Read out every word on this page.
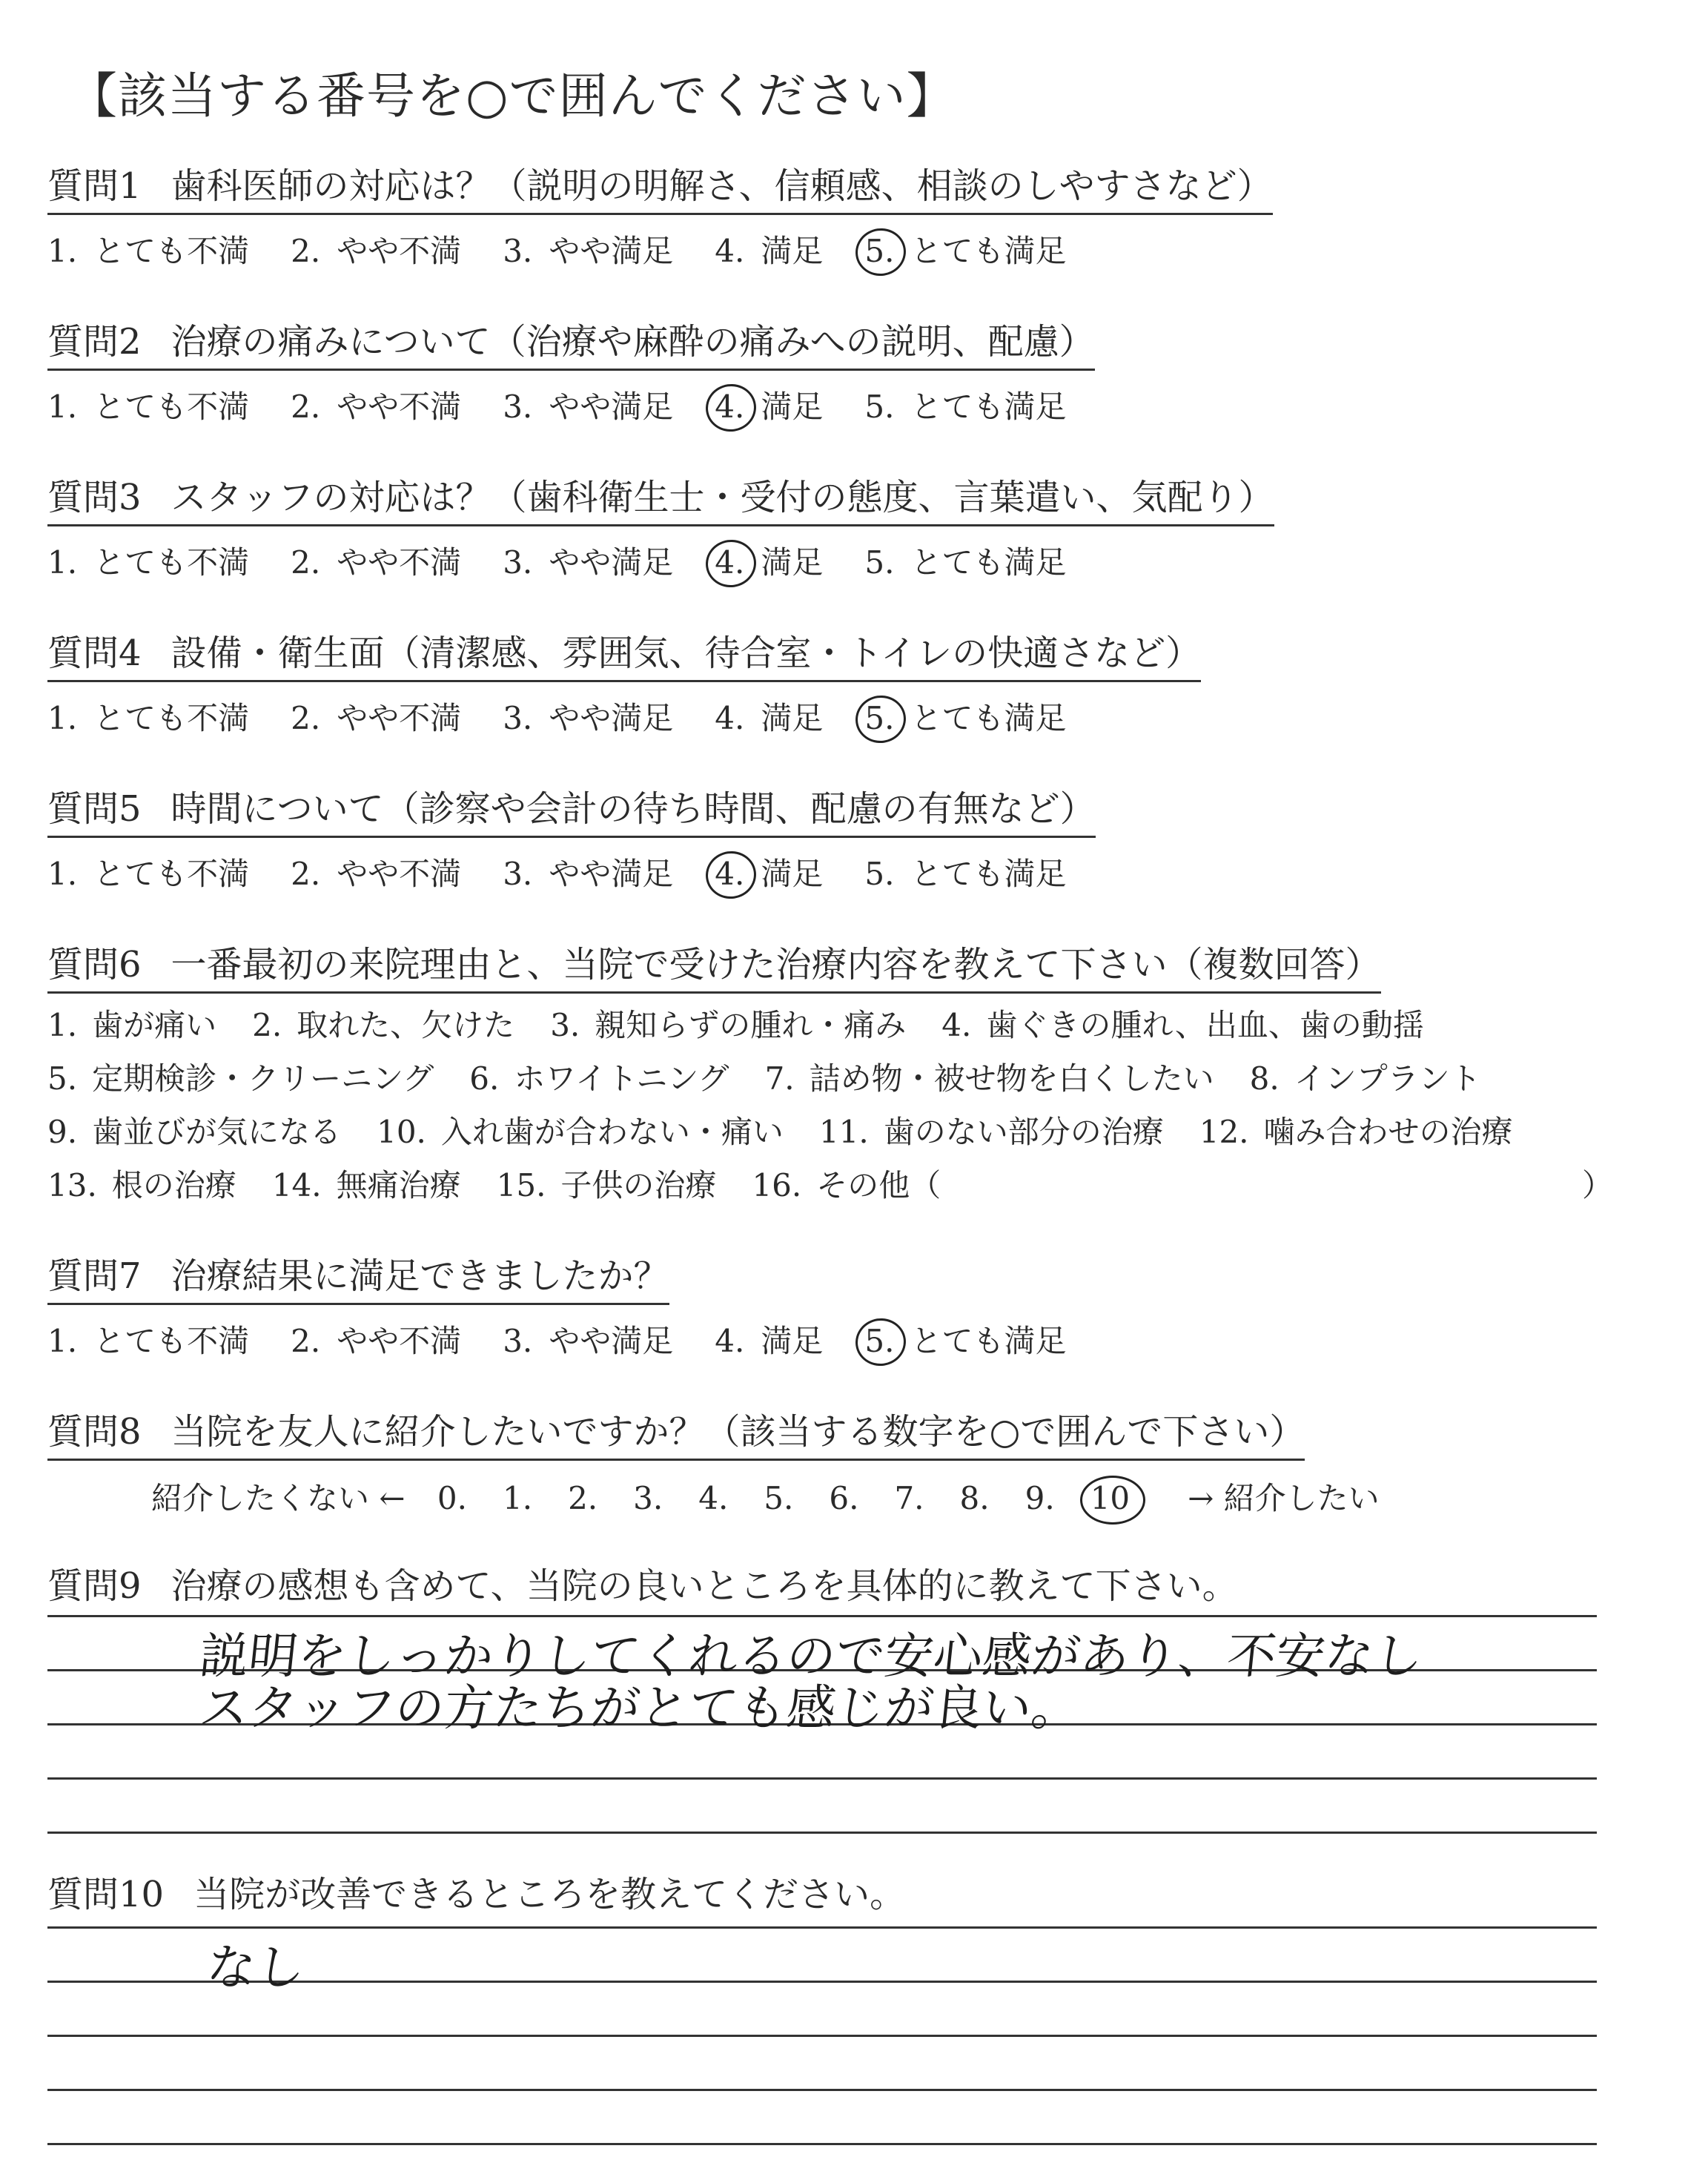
【該当する番号を○で囲んでください】
質問1 歯科医師の対応は？（説明の明解さ、信頼感、相談のしやすさなど）
1. とても不満 2. やや不満 3. やや満足 4. 満足 5. とても満足
質問2 治療の痛みについて（治療や麻酔の痛みへの説明、配慮）
1. とても不満 2. やや不満 3. やや満足 4. 満足 5. とても満足
質問3 スタッフの対応は？（歯科衛生士・受付の態度、言葉遣い、気配り）
1. とても不満 2. やや不満 3. やや満足 4. 満足 5. とても満足
質問4 設備・衛生面（清潔感、雰囲気、待合室・トイレの快適さなど）
1. とても不満 2. やや不満 3. やや満足 4. 満足 5. とても満足
質問5 時間について（診察や会計の待ち時間、配慮の有無など）
1. とても不満 2. やや不満 3. やや満足 4. 満足 5. とても満足
質問6 一番最初の来院理由と、当院で受けた治療内容を教えて下さい（複数回答）
1. 歯が痛い 2. 取れた、欠けた 3. 親知らずの腫れ・痛み 4. 歯ぐきの腫れ、出血、歯の動揺
5. 定期検診・クリーニング 6. ホワイトニング 7. 詰め物・被せ物を白くしたい 8. インプラント
9. 歯並びが気になる 10. 入れ歯が合わない・痛い 11. 歯のない部分の治療 12. 噛み合わせの治療
13. 根の治療 14. 無痛治療 15. 子供の治療 16. その他（	）
質問7 治療結果に満足できましたか？
1. とても不満 2. やや不満 3. やや満足 4. 満足 5. とても満足
質問8 当院を友人に紹介したいですか？（該当する数字を○で囲んで下さい）
紹介したくない ← 0. 1. 2. 3. 4. 5. 6. 7. 8. 9. 10 → 紹介したい
質問9 治療の感想も含めて、当院の良いところを具体的に教えて下さい。
説明をしっかりしてくれるので安心感があり、不安なし
スタッフの方たちがとても感じが良い。
質問10 当院が改善できるところを教えてください。
なし
